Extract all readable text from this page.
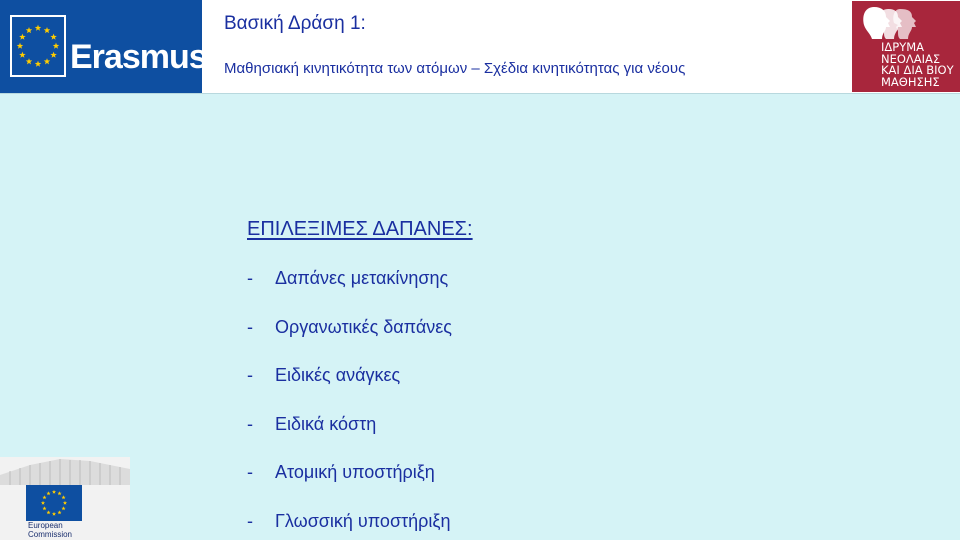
Erasmus+
Βασική Δράση 1:
Μαθησιακή κινητικότητα των ατόμων – Σχέδια κινητικότητας για νέους
ΙΔΡΥΜΑ
ΝΕΟΛΑΙΑΣ
ΚΑΙ ΔΙΑ ΒΙΟΥ
ΜΑΘΗΣΗΣ
ΕΠΙΛΕΞΙΜΕΣ ΔΑΠΑΝΕΣ:
-	Δαπάνες μετακίνησης
-	Οργανωτικές δαπάνες
-	Ειδικές ανάγκες
-	Ειδικά κόστη
-	Ατομική υποστήριξη
-	Γλωσσική υποστήριξη
European
Commission
